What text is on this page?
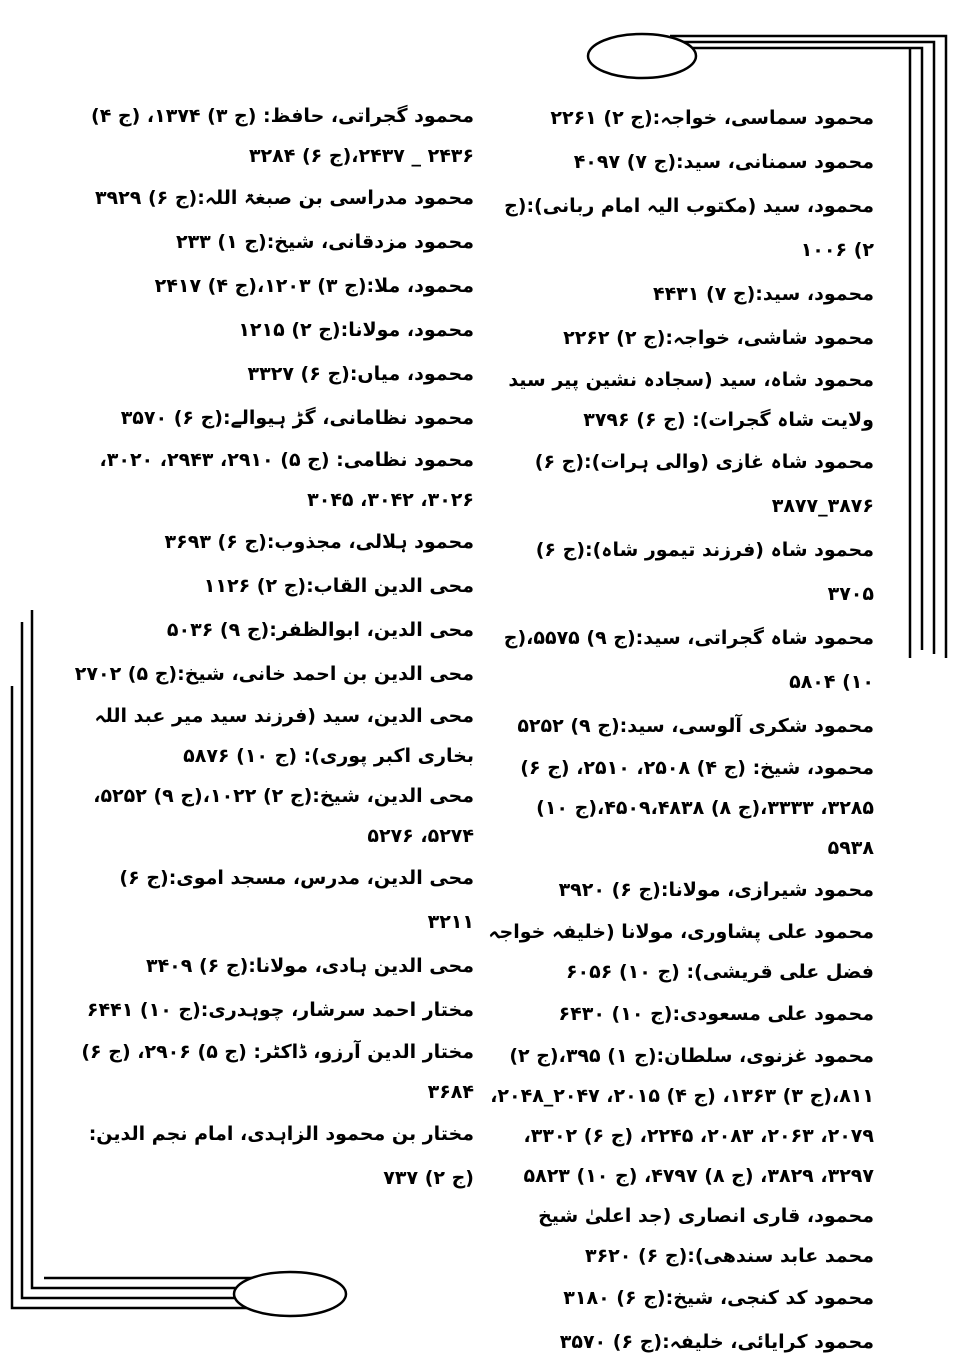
محمود سماسی، خواجہ:(ج ۲) ۲۲۶۱

محمود سمنانی، سید:(ج ۷) ۴۰۹۷

محمود، سید (مکتوب الیہ امام ربانی):(ج ۲) ۱۰۰۶

محمود، سید:(ج ۷) ۴۴۳۱

محمود شاشی، خواجہ:(ج ۲) ۲۲۶۲

محمود شاہ، سید (سجادہ نشین پیر سید ولایت شاہ گجرات): (ج ۶) ۳۷۹۶

محمود شاہ غازی (والی ہرات):(ج ۶) ۳۸۷۶_۳۸۷۷

محمود شاہ (فرزند تیمور شاہ):(ج ۶) ۳۷۰۵

محمود شاہ گجراتی، سید:(ج ۹) ۵۵۷۵،(ج ۱۰) ۵۸۰۴

محمود شکری آلوسی، سید:(ج ۹) ۵۲۵۲

محمود، شیخ: (ج ۴) ۲۵۰۸، ۲۵۱۰، (ج ۶) ۳۲۸۵، ۳۳۳۳،(ج ۸) ۴۵۰۹،۴۸۳۸،(ج ۱۰) ۵۹۳۸

محمود شیرازی، مولانا:(ج ۶) ۳۹۲۰

محمود علی پشاوری، مولانا (خلیفہ خواجہ فضل علی قریشی): (ج ۱۰) ۶۰۵۶

محمود علی مسعودی:(ج ۱۰) ۶۴۳۰

محمود غزنوی، سلطان:(ج ۱) ۳۹۵،(ج ۲) ۸۱۱،(ج ۳) ۱۳۶۳، (ج ۴) ۲۰۱۵، ۲۰۴۷_۲۰۴۸، ۲۰۷۹، ۲۰۶۳، ۲۰۸۳، ۲۲۴۵، (ج ۶) ۳۳۰۲، ۳۲۹۷، ۳۸۲۹، (ج ۸) ۴۷۹۷، (ج ۱۰) ۵۸۲۳

محمود، قاری انصاری (جد اعلیٰ شیخ محمد عابد سندھی):(ج ۶) ۳۶۲۰

محمود کد کنجی، شیخ:(ج ۶) ۳۱۸۰

محمود کرایائی، خلیفہ:(ج ۶) ۳۵۷۰

محمود گجراتی، حافظ: (ج ۳) ۱۳۷۴، (ج ۴) ۲۴۳۶ _ ۲۴۳۷،(ج ۶) ۳۲۸۴

محمود مدراسی بن صبغۃ اللہ:(ج ۶) ۳۹۲۹

محمود مزدقانی، شیخ:(ج ۱) ۲۳۳

محمود، ملا:(ج ۳) ۱۲۰۳،(ج ۴) ۲۴۱۷

محمود، مولانا:(ج ۲) ۱۲۱۵

محمود، میاں:(ج ۶) ۳۳۲۷

محمود نظامانی، گڑ ہیوالے:(ج ۶) ۳۵۷۰

محمود نظامی: (ج ۵) ۲۹۱۰، ۲۹۴۳، ۳۰۲۰، ۳۰۲۶، ۳۰۴۲، ۳۰۴۵

محمود ہلالی، مجذوب:(ج ۶) ۳۶۹۳

محی الدین القاب:(ج ۲) ۱۱۲۶

محی الدین، ابوالظفر:(ج ۹) ۵۰۳۶

محی الدین بن احمد خانی، شیخ:(ج ۵) ۲۷۰۲

محی الدین، سید (فرزند سید میر عبد اللہ بخاری اکبر پوری): (ج ۱۰) ۵۸۷۶

محی الدین، شیخ:(ج ۲) ۱۰۲۲،(ج ۹) ۵۲۵۲، ۵۲۷۴، ۵۲۷۶

محی الدین، مدرس، مسجد اموی:(ج ۶) ۳۲۱۱

محی الدین ہادی، مولانا:(ج ۶) ۳۴۰۹

مختار احمد سرشار، چوہدری:(ج ۱۰) ۶۴۴۱

مختار الدین آرزو، ڈاکٹر: (ج ۵) ۲۹۰۶، (ج ۶) ۳۶۸۴

مختار بن محمود الزاہدی، امام نجم الدین:(ج ۲) ۷۳۷
